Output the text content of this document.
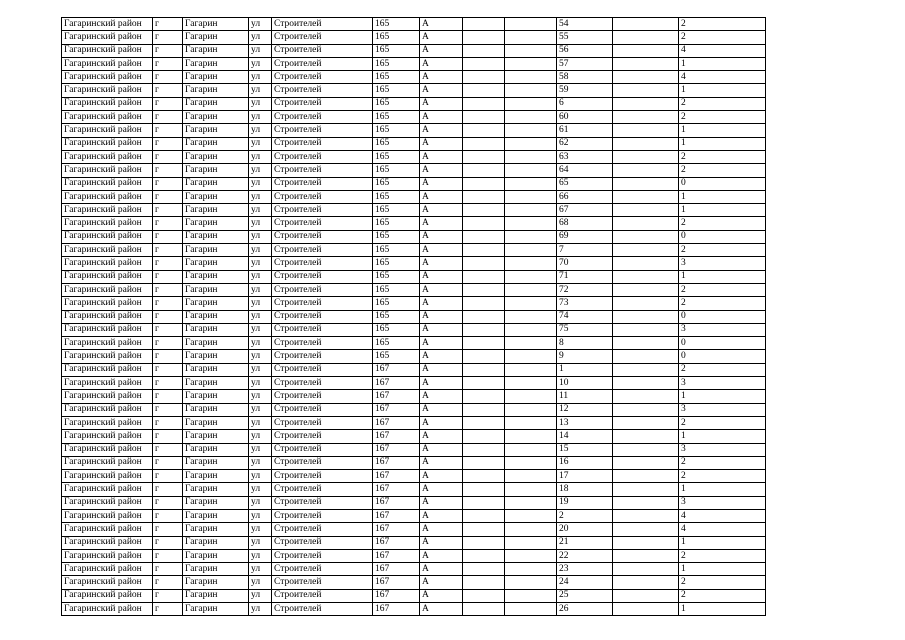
Гагаринский район	г	Гагарин	ул	Строителей	165	А			54		2
Гагаринский район	г	Гагарин	ул	Строителей	165	А			55		2
Гагаринский район	г	Гагарин	ул	Строителей	165	А			56		4
Гагаринский район	г	Гагарин	ул	Строителей	165	А			57		1
Гагаринский район	г	Гагарин	ул	Строителей	165	А			58		4
Гагаринский район	г	Гагарин	ул	Строителей	165	А			59		1
Гагаринский район	г	Гагарин	ул	Строителей	165	А			6		2
Гагаринский район	г	Гагарин	ул	Строителей	165	А			60		2
Гагаринский район	г	Гагарин	ул	Строителей	165	А			61		1
Гагаринский район	г	Гагарин	ул	Строителей	165	А			62		1
Гагаринский район	г	Гагарин	ул	Строителей	165	А			63		2
Гагаринский район	г	Гагарин	ул	Строителей	165	А			64		2
Гагаринский район	г	Гагарин	ул	Строителей	165	А			65		0
Гагаринский район	г	Гагарин	ул	Строителей	165	А			66		1
Гагаринский район	г	Гагарин	ул	Строителей	165	А			67		1
Гагаринский район	г	Гагарин	ул	Строителей	165	А			68		2
Гагаринский район	г	Гагарин	ул	Строителей	165	А			69		0
Гагаринский район	г	Гагарин	ул	Строителей	165	А			7		2
Гагаринский район	г	Гагарин	ул	Строителей	165	А			70		3
Гагаринский район	г	Гагарин	ул	Строителей	165	А			71		1
Гагаринский район	г	Гагарин	ул	Строителей	165	А			72		2
Гагаринский район	г	Гагарин	ул	Строителей	165	А			73		2
Гагаринский район	г	Гагарин	ул	Строителей	165	А			74		0
Гагаринский район	г	Гагарин	ул	Строителей	165	А			75		3
Гагаринский район	г	Гагарин	ул	Строителей	165	А			8		0
Гагаринский район	г	Гагарин	ул	Строителей	165	А			9		0
Гагаринский район	г	Гагарин	ул	Строителей	167	А			1		2
Гагаринский район	г	Гагарин	ул	Строителей	167	А			10		3
Гагаринский район	г	Гагарин	ул	Строителей	167	А			11		1
Гагаринский район	г	Гагарин	ул	Строителей	167	А			12		3
Гагаринский район	г	Гагарин	ул	Строителей	167	А			13		2
Гагаринский район	г	Гагарин	ул	Строителей	167	А			14		1
Гагаринский район	г	Гагарин	ул	Строителей	167	А			15		3
Гагаринский район	г	Гагарин	ул	Строителей	167	А			16		2
Гагаринский район	г	Гагарин	ул	Строителей	167	А			17		2
Гагаринский район	г	Гагарин	ул	Строителей	167	А			18		1
Гагаринский район	г	Гагарин	ул	Строителей	167	А			19		3
Гагаринский район	г	Гагарин	ул	Строителей	167	А			2		4
Гагаринский район	г	Гагарин	ул	Строителей	167	А			20		4
Гагаринский район	г	Гагарин	ул	Строителей	167	А			21		1
Гагаринский район	г	Гагарин	ул	Строителей	167	А			22		2
Гагаринский район	г	Гагарин	ул	Строителей	167	А			23		1
Гагаринский район	г	Гагарин	ул	Строителей	167	А			24		2
Гагаринский район	г	Гагарин	ул	Строителей	167	А			25		2
Гагаринский район	г	Гагарин	ул	Строителей	167	А			26		1
